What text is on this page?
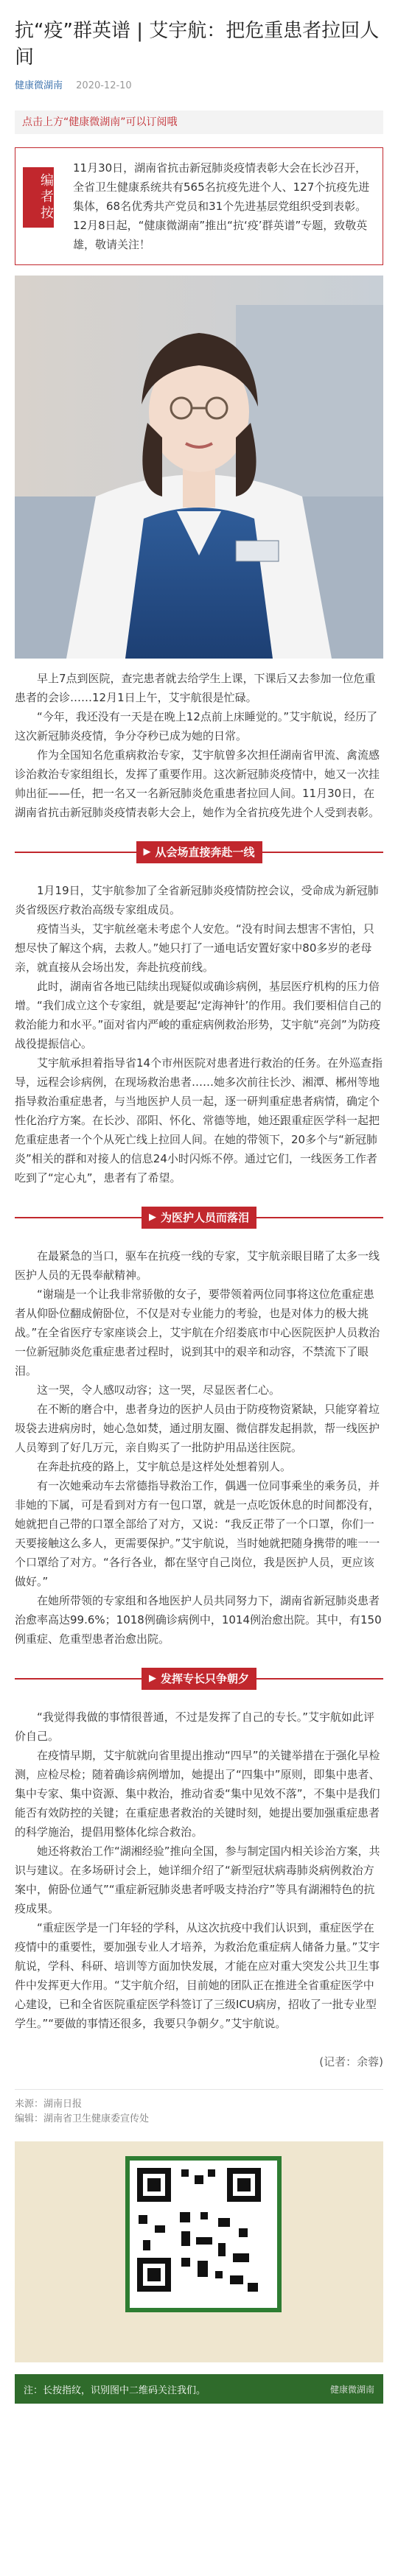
抗“疫”群英谱 | 艾宇航：把危重患者拉回人间
健康微湖南 2020-12-10
点击上方“健康微湖南”可以订阅哦
编者按
11月30日，湖南省抗击新冠肺炎疫情表彰大会在长沙召开，全省卫生健康系统共有565名抗疫先进个人、127个抗疫先进集体，68名优秀共产党员和31个先进基层党组织受到表彰。12月8日起，“健康微湖南”推出“抗‘疫’群英谱”专题，致敬英雄，敬请关注！

早上7点到医院，查完患者就去给学生上课，下课后又去参加一位危重患者的会诊……12月1日上午，艾宇航很是忙碌。

“今年，我还没有一天是在晚上12点前上床睡觉的。”艾宇航说，经历了这次新冠肺炎疫情，争分夺秒已成为她的日常。

作为全国知名危重病救治专家，艾宇航曾多次担任湖南省甲流、禽流感诊治救治专家组组长，发挥了重要作用。这次新冠肺炎疫情中，她又一次挂帅出征——任，把一名又一名新冠肺炎危重患者拉回人间。11月30日，在湖南省抗击新冠肺炎疫情表彰大会上，她作为全省抗疫先进个人受到表彰。

▶ 从会场直接奔赴一线

1月19日，艾宇航参加了全省新冠肺炎疫情防控会议，受命成为新冠肺炎省级医疗救治高级专家组成员。

疫情当头，艾宇航丝毫未考虑个人安危。“没有时间去想害不害怕，只想尽快了解这个病，去救人。”她只打了一通电话安置好家中80多岁的老母亲，就直接从会场出发，奔赴抗疫前线。

此时，湖南省各地已陆续出现疑似或确诊病例，基层医疗机构的压力倍增。“我们成立这个专家组，就是要起‘定海神针’的作用。我们要相信自己的救治能力和水平。”面对省内严峻的重症病例救治形势，艾宇航“亮剑”为防疫战役提振信心。

艾宇航承担着指导省14个市州医院对患者进行救治的任务。在外巡查指导，远程会诊病例，在现场救治患者……她多次前往长沙、湘潭、郴州等地指导救治重症患者，与当地医护人员一起，逐一研判重症患者病情，确定个性化治疗方案。在长沙、邵阳、怀化、常德等地，她还跟重症医学科一起把危重症患者一个个从死亡线上拉回人间。在她的带领下，20多个与“新冠肺炎”相关的群和对接人的信息24小时闪烁不停。通过它们，一线医务工作者吃到了“定心丸”，患者有了希望。

▶ 为医护人员而落泪

在最紧急的当口，驱车在抗疫一线的专家，艾宇航亲眼目睹了太多一线医护人员的无畏奉献精神。

“谢瑞是一个让我非常骄傲的女子，要带领着两位同事将这位危重症患者从仰卧位翻成俯卧位，不仅是对专业能力的考验，也是对体力的极大挑战。”在全省医疗专家座谈会上，艾宇航在介绍娄底市中心医院医护人员救治一位新冠肺炎危重症患者过程时，说到其中的艰辛和动容，不禁流下了眼泪。

这一哭，令人感叹动容；这一哭，尽显医者仁心。

在不断的磨合中，患者身边的医护人员由于防疫物资紧缺，只能穿着垃圾袋去进病房时，她心急如焚，通过朋友圈、微信群发起捐款，帮一线医护人员筹到了好几万元，亲自购买了一批防护用品送往医院。

在奔赴抗疫的路上，艾宇航总是这样处处想着别人。

有一次她乘动车去常德指导救治工作，偶遇一位同事乘坐的乘务员，并非她的下属，可是看到对方有一包口罩，就是一点吃饭休息的时间都没有，她就把自己带的口罩全部给了对方，又说：“我反正带了一个口罩，你们一天要接触这么多人，更需要保护。”艾宇航说，当时她就把随身携带的唯一一个口罩给了对方。“各行各业，都在坚守自己岗位，我是医护人员，更应该做好。”

在她所带领的专家组和各地医护人员共同努力下，湖南省新冠肺炎患者治愈率高达99.6%；1018例确诊病例中，1014例治愈出院。其中，有150例重症、危重型患者治愈出院。

▶ 发挥专长只争朝夕

“我觉得我做的事情很普通，不过是发挥了自己的专长。”艾宇航如此评价自己。

在疫情早期，艾宇航就向省里提出推动“四早”的关键举措在于强化早检测，应检尽检；随着确诊病例增加，她提出了“四集中”原则，即集中患者、集中专家、集中资源、集中救治，推动省委“集中见效不落”，不集中是我们能否有效防控的关键；在重症患者救治的关键时刻，她提出要加强重症患者的科学施治，提倡用整体化综合救治。

她还将救治工作“湖湘经验”推向全国，参与制定国内相关诊治方案，共识与建议。在多场研讨会上，她详细介绍了“新型冠状病毒肺炎病例救治方案中，俯卧位通气”“重症新冠肺炎患者呼吸支持治疗”等具有湖湘特色的抗疫成果。

“重症医学是一门年轻的学科，从这次抗疫中我们认识到，重症医学在疫情中的重要性，要加强专业人才培养，为救治危重症病人储备力量。”艾宇航说，学科、科研、培训等方面加快发展，才能在应对重大突发公共卫生事件中发挥更大作用。“艾宇航介绍，目前她的团队正在推进全省重症医学中心建设，已和全省医院重症医学科签订了三级ICU病房，招收了一批专业型学生。”“要做的事情还很多，我要只争朝夕。”艾宇航说。

(记者：余蓉)
来源：湖南日报
编辑：湖南省卫生健康委宣传处
注：长按指纹，识别图中二维码关注我们。	健康微湖南
